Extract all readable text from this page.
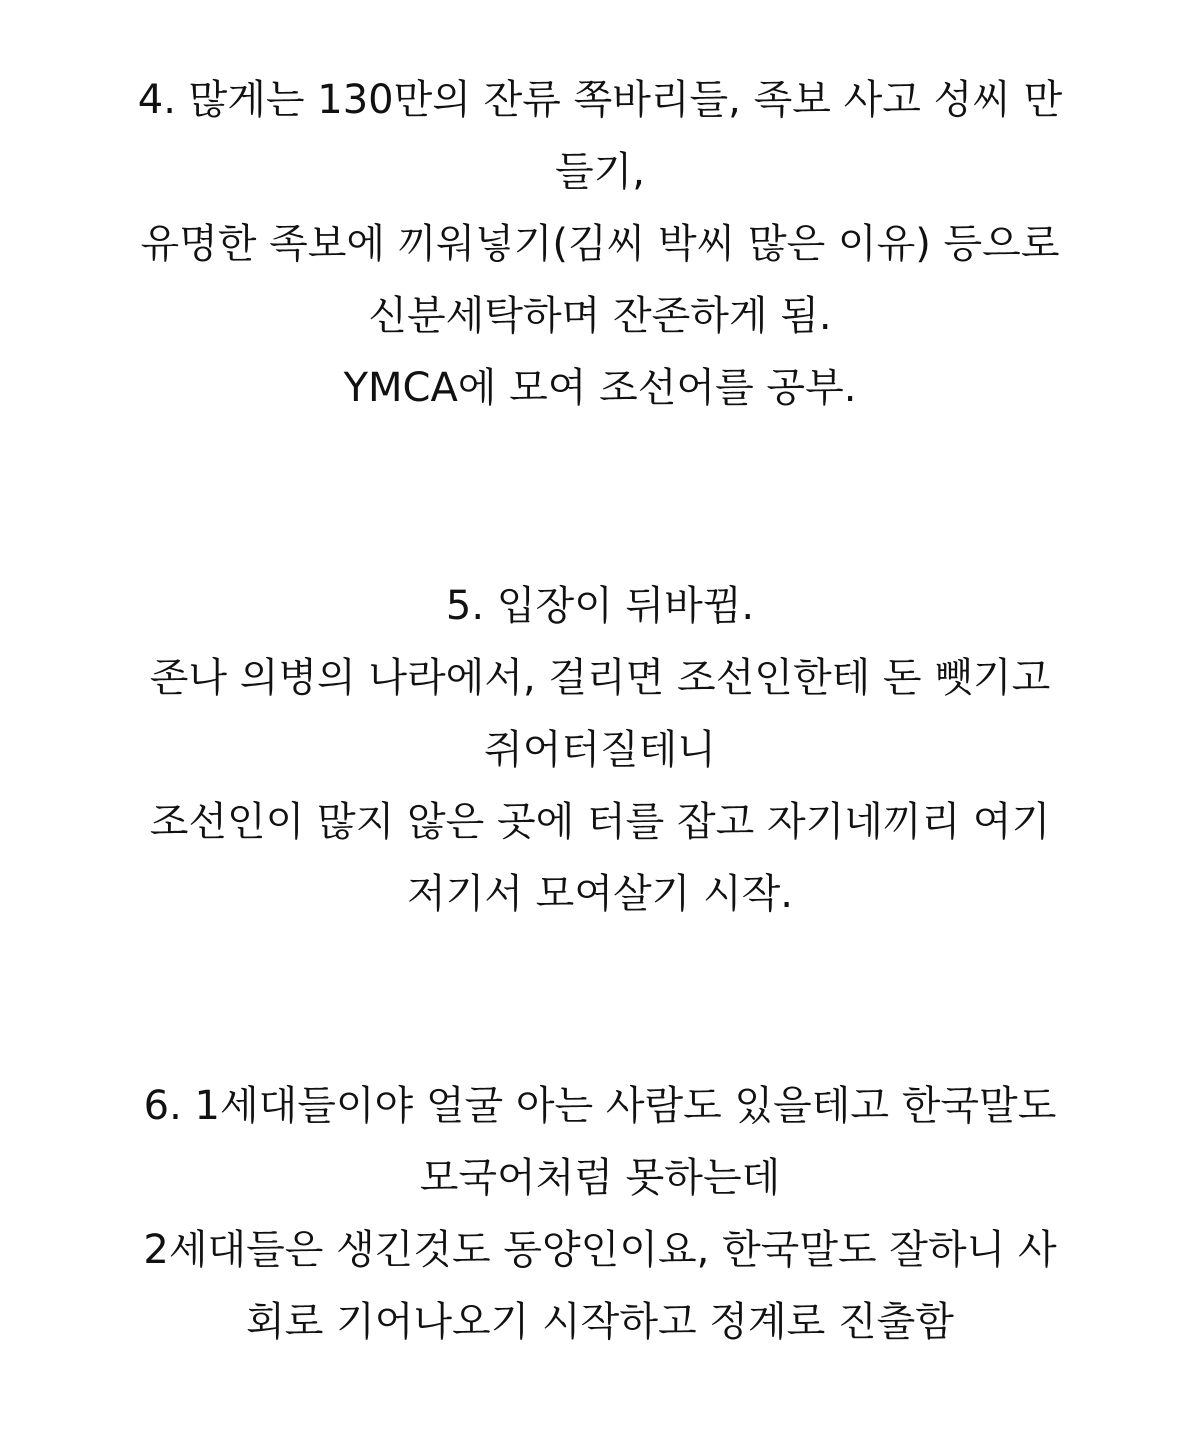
4. 많게는 130만의 잔류 쪽바리들, 족보 사고 성씨 만
들기,
유명한 족보에 끼워넣기(김씨 박씨 많은 이유) 등으로
신분세탁하며 잔존하게 됨.
YMCA에 모여 조선어를 공부.
5. 입장이 뒤바뀜.
존나 의병의 나라에서, 걸리면 조선인한테 돈 뺏기고
쥐어터질테니
조선인이 많지 않은 곳에 터를 잡고 자기네끼리 여기
저기서 모여살기 시작.
6. 1세대들이야 얼굴 아는 사람도 있을테고 한국말도
모국어처럼 못하는데
2세대들은 생긴것도 동양인이요, 한국말도 잘하니 사
회로 기어나오기 시작하고 정계로 진출함
